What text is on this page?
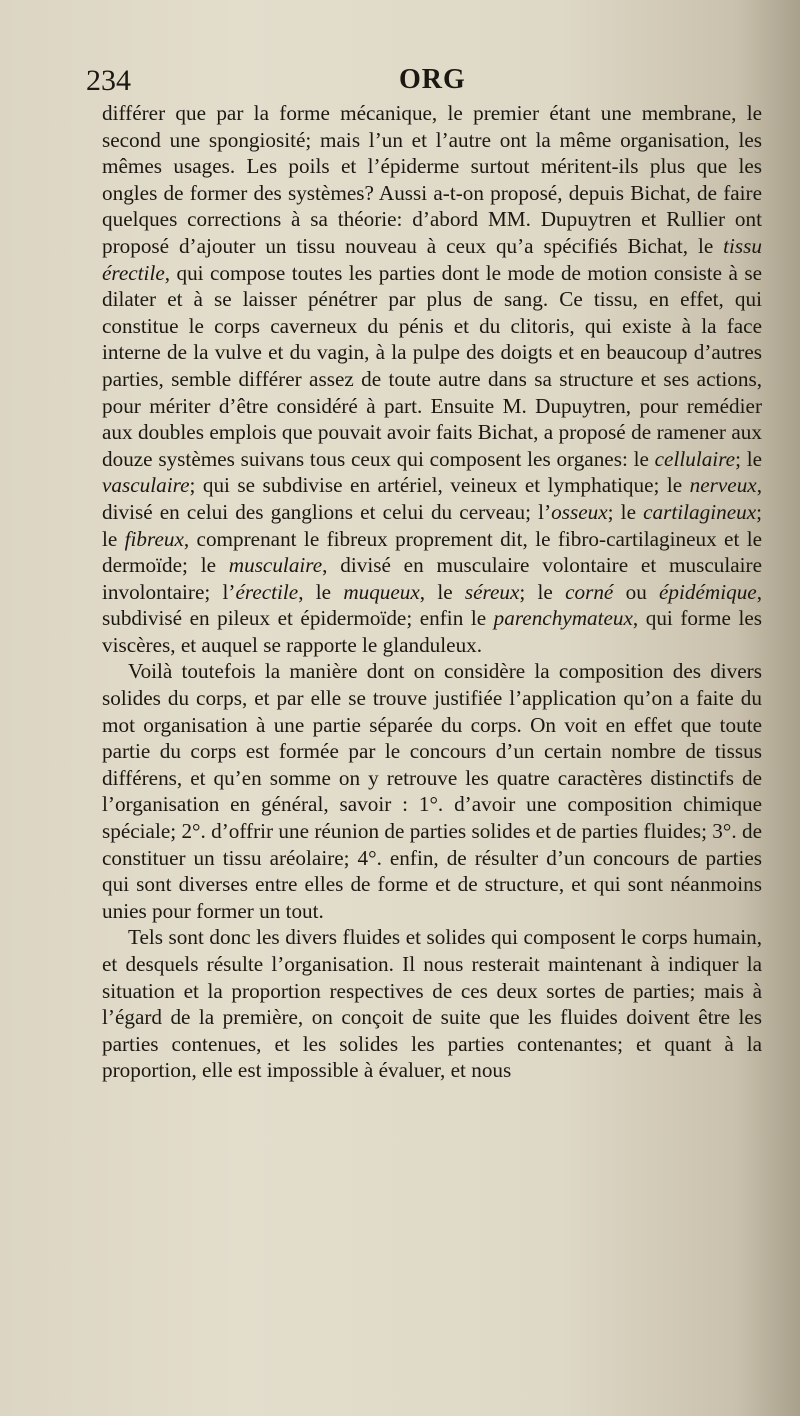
234	ORG

différer que par la forme mécanique, le premier étant une membrane, le second une spongiosité; mais l’un et l’autre ont la même organisation, les mêmes usages. Les poils et l’épiderme surtout méritent-ils plus que les ongles de former des systèmes? Aussi a-t-on proposé, depuis Bichat, de faire quelques corrections à sa théorie: d’abord MM. Dupuytren et Rullier ont proposé d’ajouter un tissu nouveau à ceux qu’a spécifiés Bichat, le tissu érectile, qui compose toutes les parties dont le mode de motion consiste à se dilater et à se laisser pénétrer par plus de sang. Ce tissu, en effet, qui constitue le corps caverneux du pénis et du clitoris, qui existe à la face interne de la vulve et du vagin, à la pulpe des doigts et en beaucoup d’autres parties, semble différer assez de toute autre dans sa structure et ses actions, pour mériter d’être considéré à part. Ensuite M. Dupuytren, pour remédier aux doubles emplois que pouvait avoir faits Bichat, a proposé de ramener aux douze systèmes suivans tous ceux qui composent les organes: le cellulaire; le vasculaire; qui se subdivise en artériel, veineux et lymphatique; le nerveux, divisé en celui des ganglions et celui du cerveau; l’osseux; le cartilagineux; le fibreux, comprenant le fibreux proprement dit, le fibro-cartilagineux et le dermoïde; le musculaire, divisé en musculaire volontaire et musculaire involontaire; l’érectile, le muqueux, le séreux; le corné ou épidémique, subdivisé en pileux et épidermoïde; enfin le parenchymateux, qui forme les viscères, et auquel se rapporte le glanduleux.

Voilà toutefois la manière dont on considère la composition des divers solides du corps, et par elle se trouve justifiée l’application qu’on a faite du mot organisation à une partie séparée du corps. On voit en effet que toute partie du corps est formée par le concours d’un certain nombre de tissus différens, et qu’en somme on y retrouve les quatre caractères distinctifs de l’organisation en général, savoir : 1°. d’avoir une composition chimique spéciale; 2°. d’offrir une réunion de parties solides et de parties fluides; 3°. de constituer un tissu aréolaire; 4°. enfin, de résulter d’un concours de parties qui sont diverses entre elles de forme et de structure, et qui sont néanmoins unies pour former un tout.

Tels sont donc les divers fluides et solides qui composent le corps humain, et desquels résulte l’organisation. Il nous resterait maintenant à indiquer la situation et la proportion respectives de ces deux sortes de parties; mais à l’égard de la première, on conçoit de suite que les fluides doivent être les parties contenues, et les solides les parties contenantes; et quant à la proportion, elle est impossible à évaluer, et nous
